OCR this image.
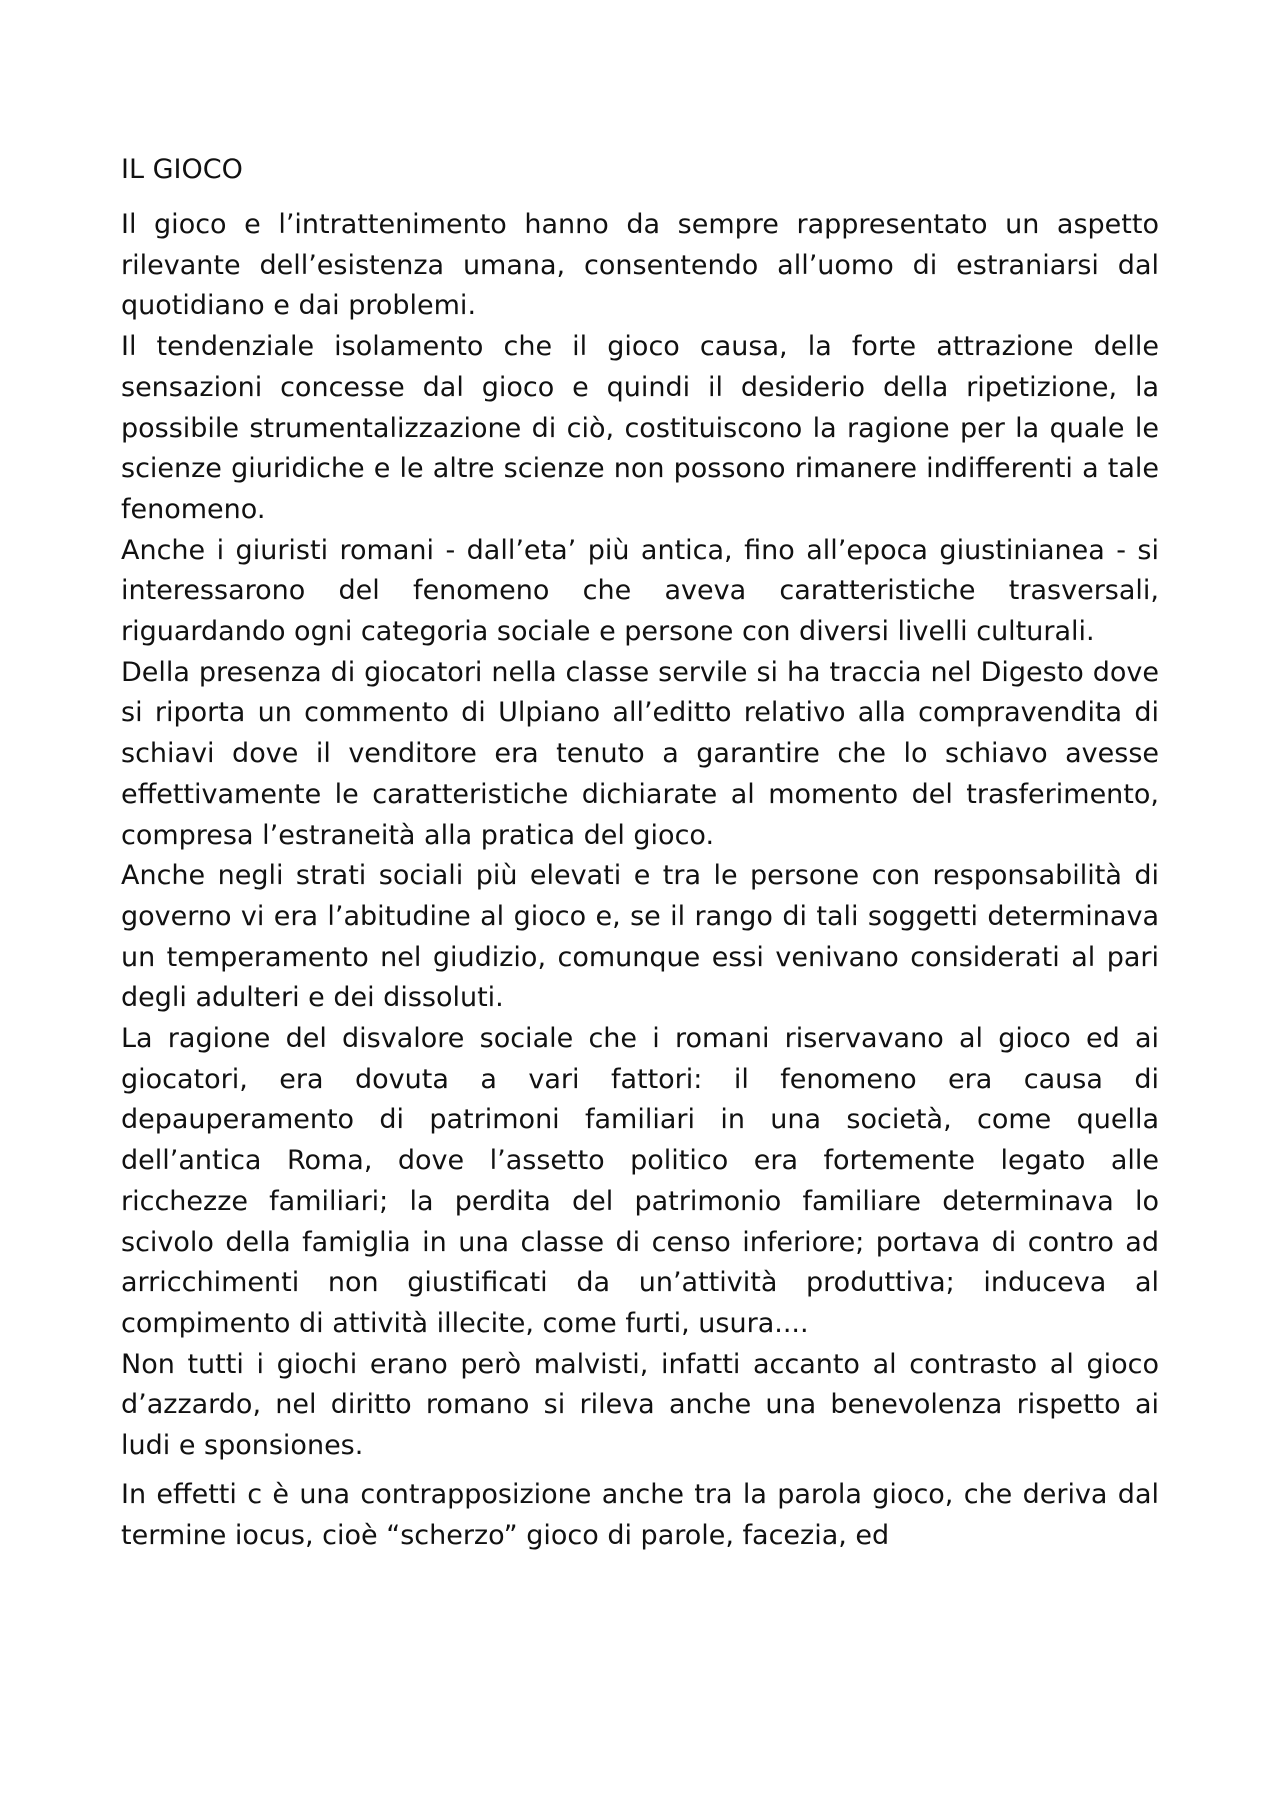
IL GIOCO

Il gioco e l’intrattenimento hanno da sempre rappresentato un aspetto rilevante dell’esistenza umana, consentendo all’uomo di estraniarsi dal quotidiano e dai problemi.

Il tendenziale isolamento che il gioco causa, la forte attrazione delle sensazioni concesse dal gioco e quindi il desiderio della ripetizione, la possibile strumentalizzazione di ciò, costituiscono la ragione per la quale le scienze giuridiche e le altre scienze non possono rimanere indifferenti a tale fenomeno.

Anche i giuristi romani - dall’eta’ più antica, fino all’epoca giustinianea - si interessarono del fenomeno che aveva caratteristiche trasversali, riguardando ogni categoria sociale e persone con diversi livelli culturali.

Della presenza di giocatori nella classe servile si ha traccia nel Digesto dove si riporta un commento di Ulpiano all’editto relativo alla compravendita di schiavi dove il venditore era tenuto a garantire che lo schiavo avesse effettivamente le caratteristiche dichiarate al momento del trasferimento, compresa l’estraneità alla pratica del gioco.

Anche negli strati sociali più elevati e tra le persone con responsabilità di governo vi era l’abitudine al gioco e, se il rango di tali soggetti determinava un temperamento nel giudizio, comunque essi venivano considerati al pari degli adulteri e dei dissoluti.

La ragione del disvalore sociale che i romani riservavano al gioco ed ai giocatori, era dovuta a vari fattori: il fenomeno era causa di depauperamento di patrimoni familiari in una società, come quella dell’antica Roma, dove l’assetto politico era fortemente legato alle ricchezze familiari; la perdita del patrimonio familiare determinava lo scivolo della famiglia in una classe di censo inferiore; portava di contro ad arricchimenti non giustificati da un’attività produttiva; induceva al compimento di attività illecite, come furti, usura....

Non tutti i giochi erano però malvisti, infatti accanto al contrasto al gioco d’azzardo, nel diritto romano si rileva anche una benevolenza rispetto ai ludi e sponsiones.

In effetti c è una contrapposizione anche tra la parola gioco, che deriva dal termine iocus, cioè “scherzo” gioco di parole, facezia, ed
